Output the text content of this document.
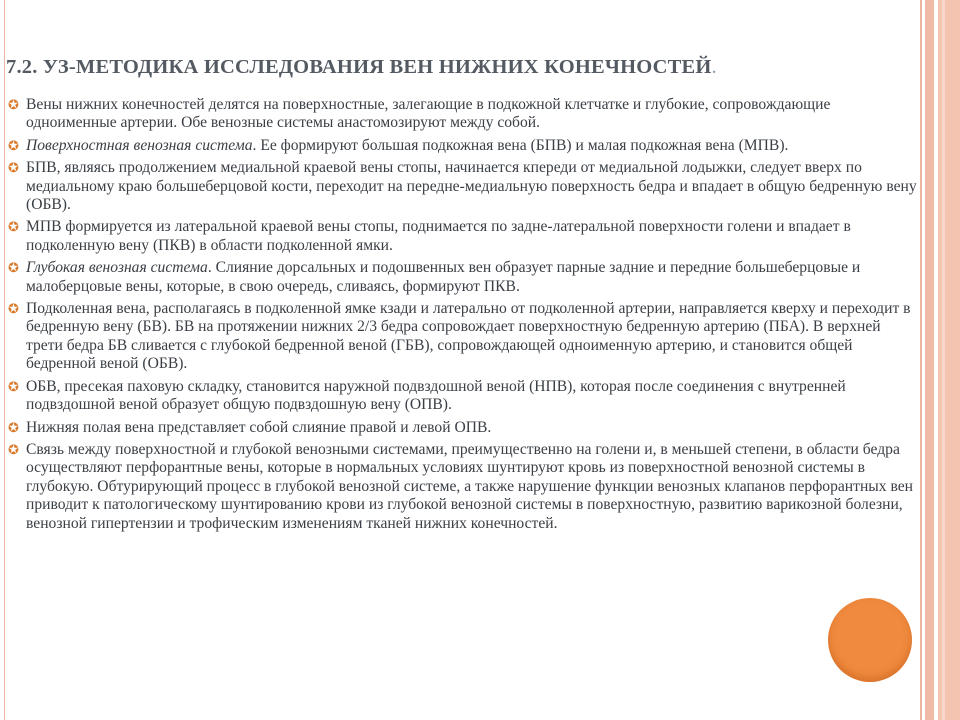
7.2. УЗ-МЕТОДИКА ИССЛЕДОВАНИЯ ВЕН НИЖНИХ КОНЕЧНОСТЕЙ.
✪ Вены нижних конечностей делятся на поверхностные, залегающие в подкожной клетчатке и глубокие, сопровождающие одноименные артерии. Обе венозные системы анастомозируют между собой.
✪ Поверхностная венозная система. Ее формируют большая подкожная вена (БПВ) и малая подкожная вена (МПВ).
✪ БПВ, являясь продолжением медиальной краевой вены стопы, начинается кпереди от медиальной лодыжки, следует вверх по медиальному краю большеберцовой кости, переходит на передне-медиальную поверхность бедра и впадает в общую бедренную вену (ОБВ).
✪ МПВ формируется из латеральной краевой вены стопы, поднимается по задне-латеральной поверхности голени и впадает в подколенную вену (ПКВ) в области подколенной ямки.
✪ Глубокая венозная система. Слияние дорсальных и подошвенных вен образует парные задние и передние большеберцовые и малоберцовые вены, которые, в свою очередь, сливаясь, формируют ПКВ.
✪ Подколенная вена, располагаясь в подколенной ямке кзади и латерально от подколенной артерии, направляется кверху и переходит в бедренную вену (БВ). БВ на протяжении нижних 2/3 бедра сопровождает поверхностную бедренную артерию (ПБА). В верхней трети бедра БВ сливается с глубокой бедренной веной (ГБВ), сопровождающей одноименную артерию, и становится общей бедренной веной (ОБВ).
✪ ОБВ, пресекая паховую складку, становится наружной подвздошной веной (НПВ), которая после соединения с внутренней подвздошной веной образует общую подвздошную вену (ОПВ).
✪ Нижняя полая вена представляет собой слияние правой и левой ОПВ.
✪ Связь между поверхностной и глубокой венозными системами, преимущественно на голени и, в меньшей степени, в области бедра осуществляют перфорантные вены, которые в нормальных условиях шунтируют кровь из поверхностной венозной системы в глубокую. Обтурирующий процесс в глубокой венозной системе, а также нарушение функции венозных клапанов перфорантных вен приводит к патологическому шунтированию крови из глубокой венозной системы в поверхностную, развитию варикозной болезни, венозной гипертензии и трофическим изменениям тканей нижних конечностей.
